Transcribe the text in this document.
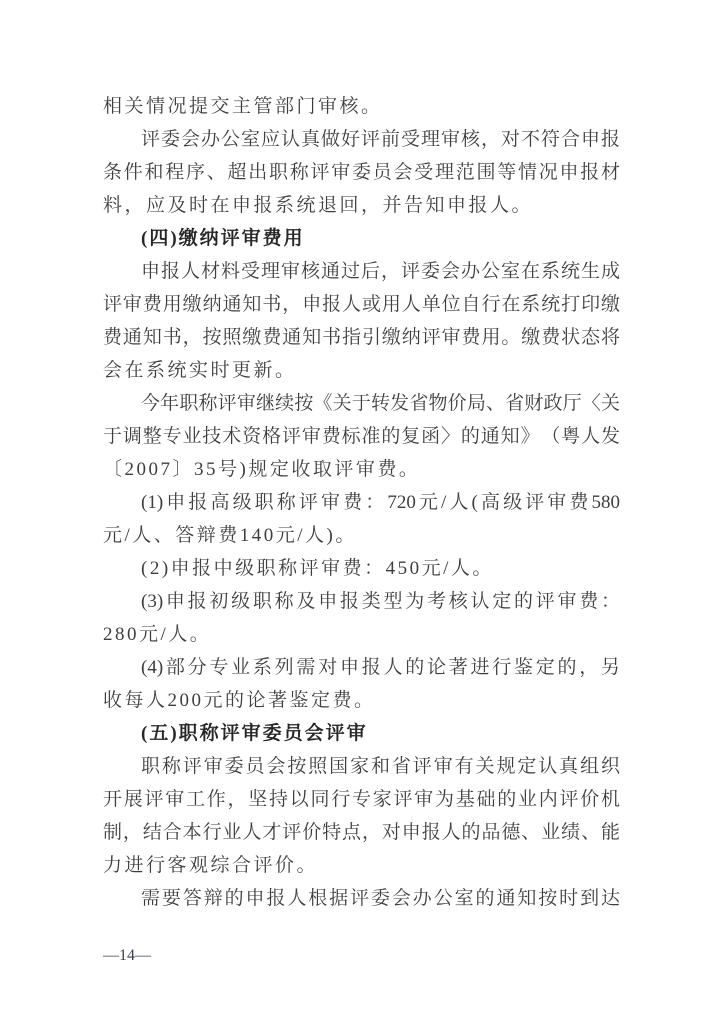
相关情况提交主管部门审核。
评委会办公室应认真做好评前受理审核，对不符合申报
条件和程序、超出职称评审委员会受理范围等情况申报材
料，应及时在申报系统退回，并告知申报人。
(四)缴纳评审费用
申报人材料受理审核通过后，评委会办公室在系统生成
评审费用缴纳通知书，申报人或用人单位自行在系统打印缴
费通知书，按照缴费通知书指引缴纳评审费用。缴费状态将
会在系统实时更新。
今年职称评审继续按《关于转发省物价局、省财政厅〈关
于调整专业技术资格评审费标准的复函〉的通知》　（粤人发
〔2007〕35号)规定收取评审费。
(1)申报高级职称评审费：720元/人(高级评审费580
元/人、答辩费140元/人)。
(2)申报中级职称评审费：450元/人。
(3)申报初级职称及申报类型为考核认定的评审费：
280元/人。
(4)部分专业系列需对申报人的论著进行鉴定的，另
收每人200元的论著鉴定费。
(五)职称评审委员会评审
职称评审委员会按照国家和省评审有关规定认真组织
开展评审工作，坚持以同行专家评审为基础的业内评价机
制，结合本行业人才评价特点，对申报人的品德、业绩、能
力进行客观综合评价。
需要答辩的申报人根据评委会办公室的通知按时到达
—14—
